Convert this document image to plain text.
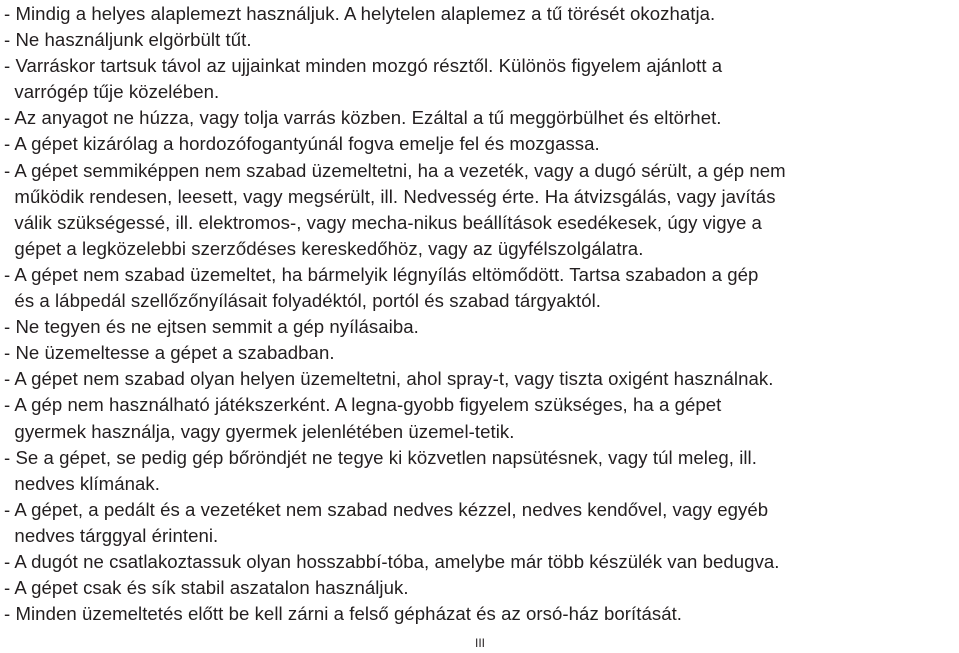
- Mindig a helyes alaplemezt használjuk. A helytelen alaplemez a tű törését okozhatja.
- Ne használjunk elgörbült tűt.
- Varráskor tartsuk távol az ujjainkat minden mozgó résztől. Különös figyelem ajánlott a
varrógép tűje közelében.
- Az anyagot ne húzza, vagy tolja varrás közben. Ezáltal a tű meggörbülhet és eltörhet.
- A gépet kizárólag a hordozófogantyúnál fogva emelje fel és mozgassa.
- A gépet semmiképpen nem szabad üzemeltetni, ha a vezeték, vagy a dugó sérült, a gép nem
működik rendesen, leesett, vagy megsérült, ill. Nedvesség érte. Ha átvizsgálás, vagy javítás
válik szükségessé, ill. elektromos-, vagy mecha-nikus beállítások esedékesek, úgy vigye a
gépet a legközelebbi szerződéses kereskedőhöz, vagy az ügyfélszolgálatra.
- A gépet nem szabad üzemeltet, ha bármelyik légnyílás eltömődött. Tartsa szabadon a gép
és a lábpedál szellőzőnyílásait folyadéktól, portól és szabad tárgyaktól.
- Ne tegyen és ne ejtsen semmit a gép nyílásaiba.
- Ne üzemeltesse a gépet a szabadban.
- A gépet nem szabad olyan helyen üzemeltetni, ahol spray-t, vagy tiszta oxigént használnak.
- A gép nem használható játékszerként. A legna-gyobb figyelem szükséges, ha a gépet
gyermek használja, vagy gyermek jelenlétében üzemel-tetik.
- Se a gépet, se pedig gép bőröndjét ne tegye ki közvetlen napsütésnek, vagy túl meleg, ill.
nedves klímának.
- A gépet, a pedált és a vezetéket nem szabad nedves kézzel, nedves kendővel, vagy egyéb
nedves tárggyal érinteni.
- A dugót ne csatlakoztassuk olyan hosszabbí-tóba, amelybe már több készülék van bedugva.
- A gépet csak és sík stabil aszatalon használjuk.
- Minden üzemeltetés előtt be kell zárni a felső gépházat és az orsó-ház borítását.
III
